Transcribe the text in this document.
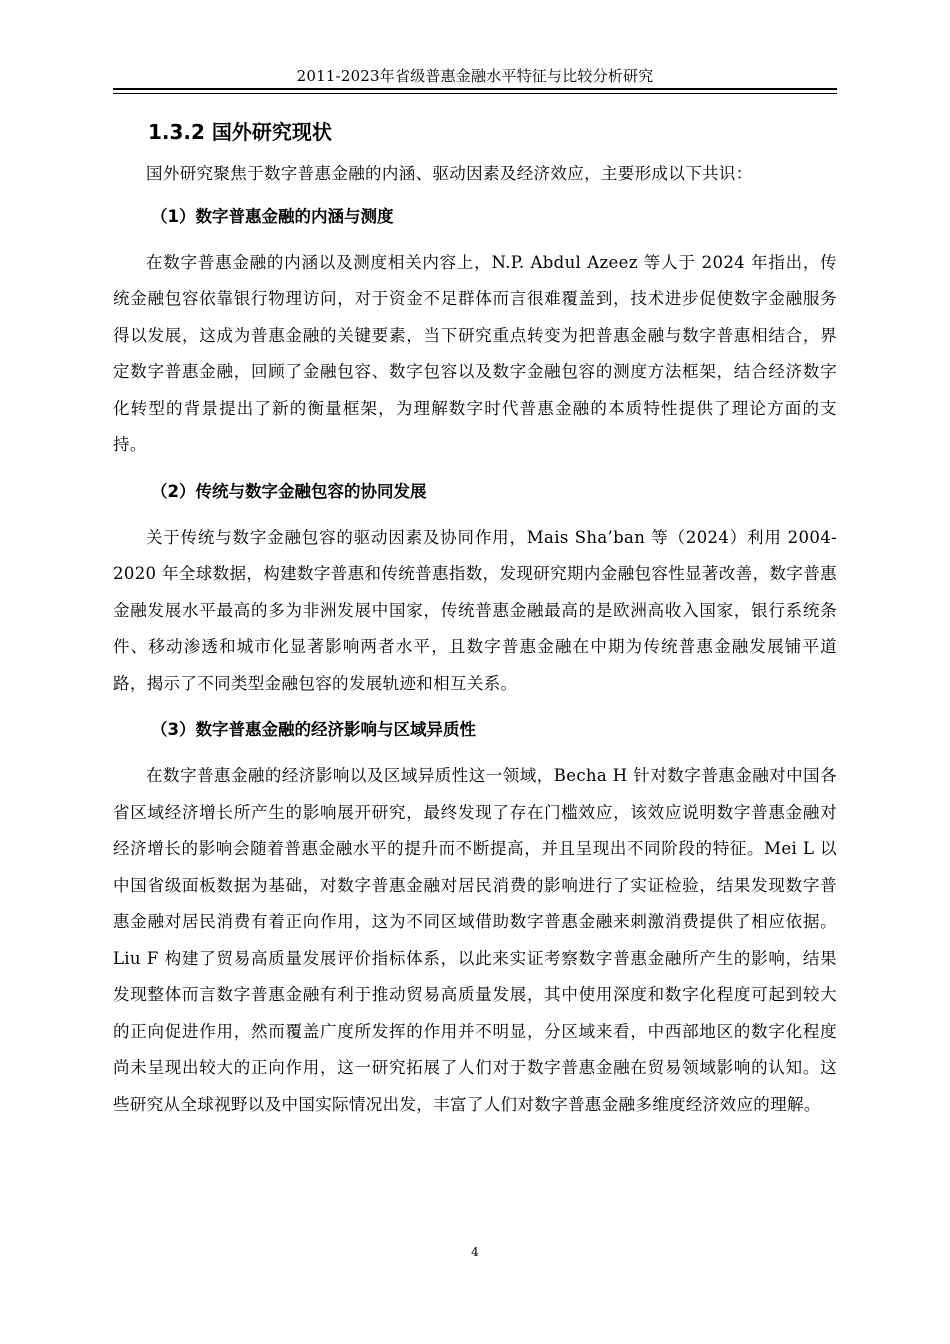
2011-2023年省级普惠金融水平特征与比较分析研究
1.3.2 国外研究现状

国外研究聚焦于数字普惠金融的内涵、驱动因素及经济效应，主要形成以下共识：

（1）数字普惠金融的内涵与测度

在数字普惠金融的内涵以及测度相关内容上，N.P. Abdul Azeez 等人于 2024 年指出，传统金融包容依靠银行物理访问，对于资金不足群体而言很难覆盖到，技术进步促使数字金融服务得以发展，这成为普惠金融的关键要素，当下研究重点转变为把普惠金融与数字普惠相结合，界定数字普惠金融，回顾了金融包容、数字包容以及数字金融包容的测度方法框架，结合经济数字化转型的背景提出了新的衡量框架，为理解数字时代普惠金融的本质特性提供了理论方面的支持。

（2）传统与数字金融包容的协同发展

关于传统与数字金融包容的驱动因素及协同作用，Mais Sha’ban 等（2024）利用 2004-2020 年全球数据，构建数字普惠和传统普惠指数，发现研究期内金融包容性显著改善，数字普惠金融发展水平最高的多为非洲发展中国家，传统普惠金融最高的是欧洲高收入国家，银行系统条件、移动渗透和城市化显著影响两者水平，且数字普惠金融在中期为传统普惠金融发展铺平道路，揭示了不同类型金融包容的发展轨迹和相互关系。

（3）数字普惠金融的经济影响与区域异质性

在数字普惠金融的经济影响以及区域异质性这一领域，Becha H 针对数字普惠金融对中国各省区域经济增长所产生的影响展开研究，最终发现了存在门槛效应，该效应说明数字普惠金融对经济增长的影响会随着普惠金融水平的提升而不断提高，并且呈现出不同阶段的特征。Mei L 以中国省级面板数据为基础，对数字普惠金融对居民消费的影响进行了实证检验，结果发现数字普惠金融对居民消费有着正向作用，这为不同区域借助数字普惠金融来刺激消费提供了相应依据。Liu F 构建了贸易高质量发展评价指标体系，以此来实证考察数字普惠金融所产生的影响，结果发现整体而言数字普惠金融有利于推动贸易高质量发展，其中使用深度和数字化程度可起到较大的正向促进作用，然而覆盖广度所发挥的作用并不明显，分区域来看，中西部地区的数字化程度尚未呈现出较大的正向作用，这一研究拓展了人们对于数字普惠金融在贸易领域影响的认知。这些研究从全球视野以及中国实际情况出发，丰富了人们对数字普惠金融多维度经济效应的理解。

4
